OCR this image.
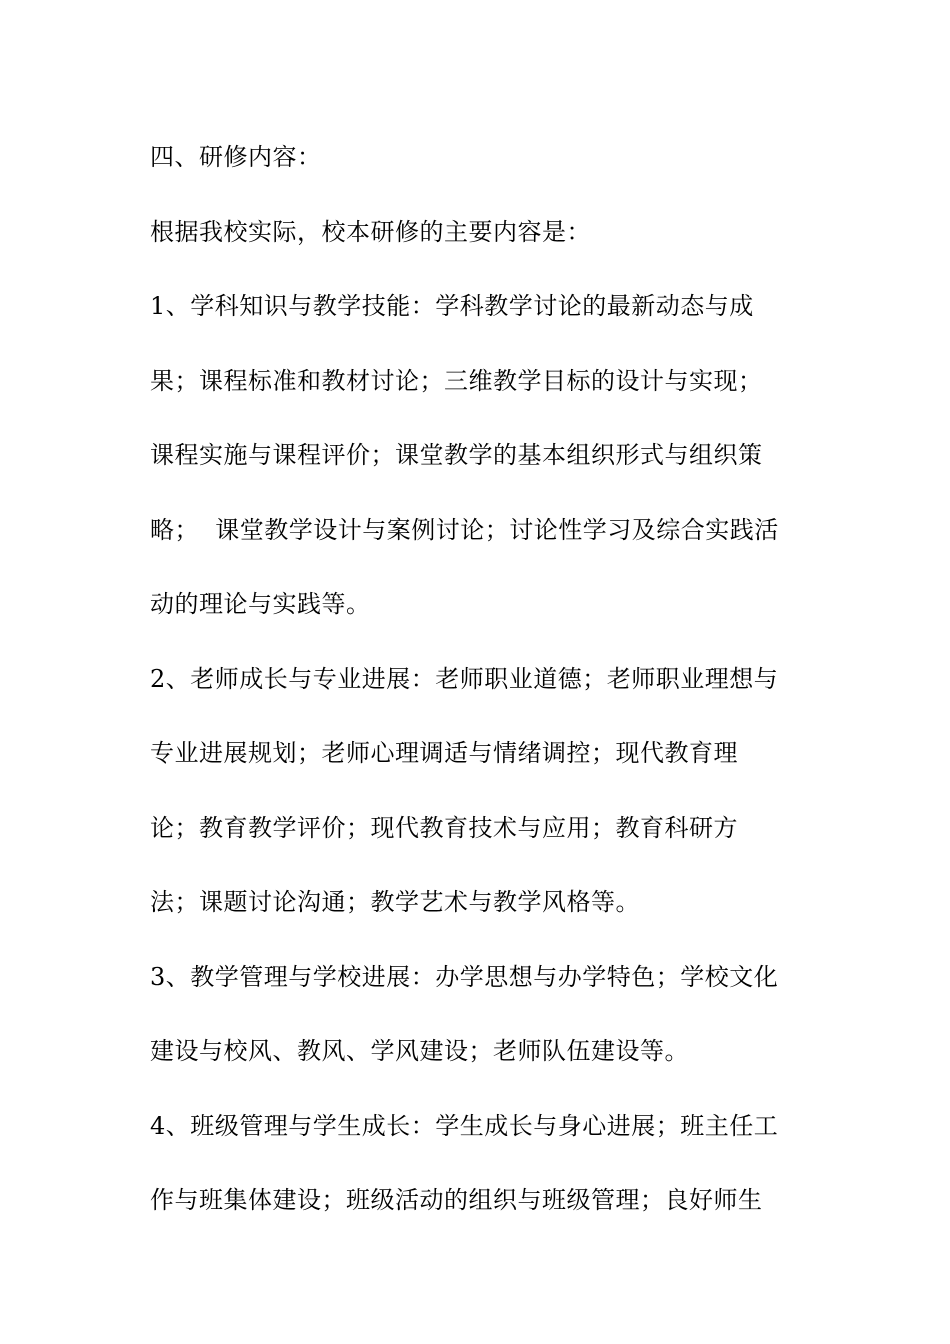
四、研修内容：
根据我校实际，校本研修的主要内容是：
1、学科知识与教学技能：学科教学讨论的最新动态与成
果；课程标准和教材讨论；三维教学目标的设计与实现；
课程实施与课程评价；课堂教学的基本组织形式与组织策
略；  课堂教学设计与案例讨论；讨论性学习及综合实践活
动的理论与实践等。
2、老师成长与专业进展：老师职业道德；老师职业理想与
专业进展规划；老师心理调适与情绪调控；现代教育理
论；教育教学评价；现代教育技术与应用；教育科研方
法；课题讨论沟通；教学艺术与教学风格等。
3、教学管理与学校进展：办学思想与办学特色；学校文化
建设与校风、教风、学风建设；老师队伍建设等。
4、班级管理与学生成长：学生成长与身心进展；班主任工
作与班集体建设；班级活动的组织与班级管理；良好师生
